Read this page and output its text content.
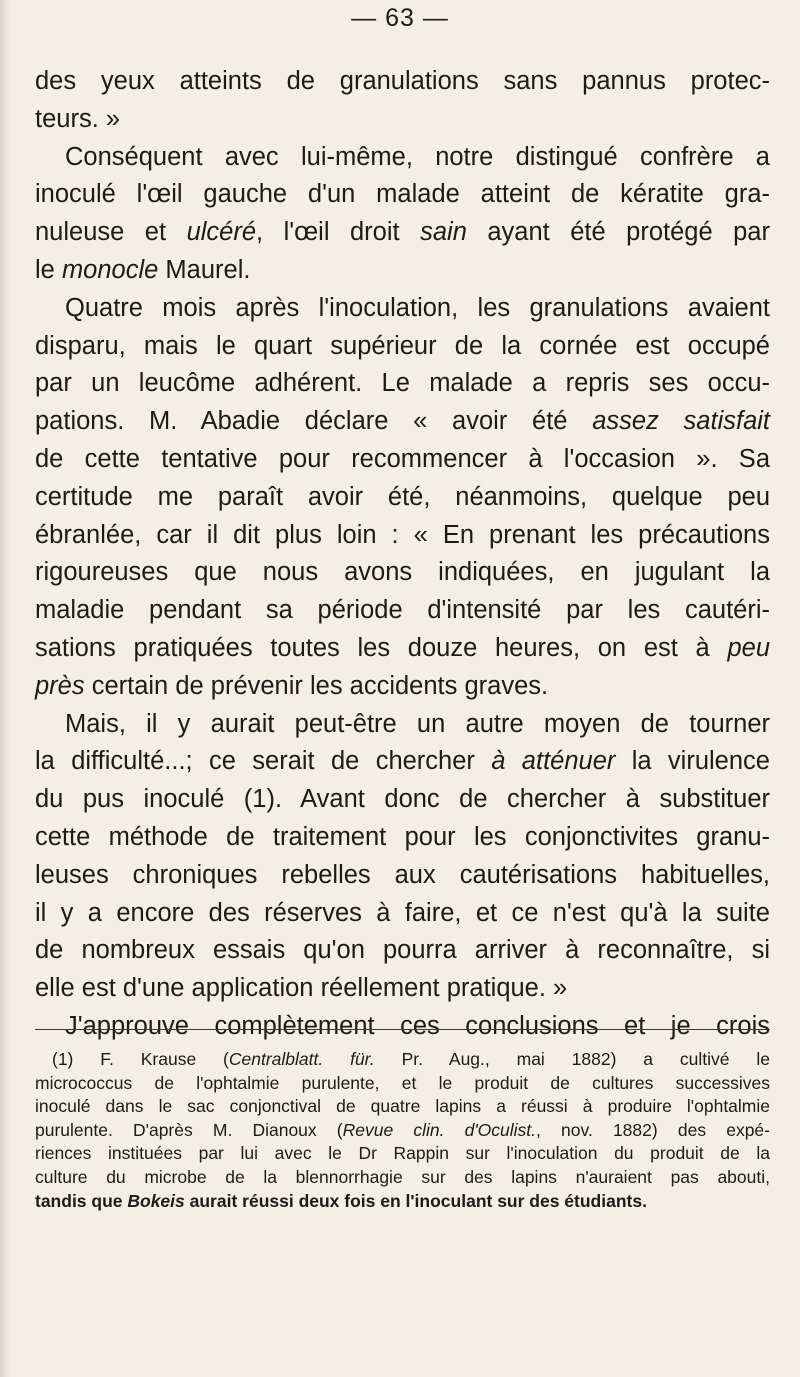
— 63 —
des yeux atteints de granulations sans pannus protec-
teurs. »
Conséquent avec lui-même, notre distingué confrère a
inoculé l'œil gauche d'un malade atteint de kératite gra-
nuleuse et ulcéré, l'œil droit sain ayant été protégé par
le monocle Maurel.
Quatre mois après l'inoculation, les granulations avaient
disparu, mais le quart supérieur de la cornée est occupé
par un leucôme adhérent. Le malade a repris ses occu-
pations. M. Abadie déclare « avoir été assez satisfait
de cette tentative pour recommencer à l'occasion ». Sa
certitude me paraît avoir été, néanmoins, quelque peu
ébranlée, car il dit plus loin : « En prenant les précautions
rigoureuses que nous avons indiquées, en jugulant la
maladie pendant sa période d'intensité par les cautéri-
sations pratiquées toutes les douze heures, on est à peu
près certain de prévenir les accidents graves.
Mais, il y aurait peut-être un autre moyen de tourner
la difficulté...; ce serait de chercher à atténuer la virulence
du pus inoculé (1). Avant donc de chercher à substituer
cette méthode de traitement pour les conjonctivites granu-
leuses chroniques rebelles aux cautérisations habituelles,
il y a encore des réserves à faire, et ce n'est qu'à la suite
de nombreux essais qu'on pourra arriver à reconnaître, si
elle est d'une application réellement pratique. »
J'approuve complètement ces conclusions et je crois
(1) F. Krause (Centralblatt. für. Pr. Aug., mai 1882) a cultivé le
micrococcus de l'ophtalmie purulente, et le produit de cultures successives
inoculé dans le sac conjonctival de quatre lapins a réussi à produire l'ophtalmie
purulente. D'après M. Dianoux (Revue clin. d'Oculist., nov. 1882) des expé-
riences instituées par lui avec le Dr Rappin sur l'inoculation du produit de la
culture du microbe de la blennorrhagie sur des lapins n'auraient pas abouti,
tandis que Bokeis aurait réussi deux fois en l'inoculant sur des étudiants.
